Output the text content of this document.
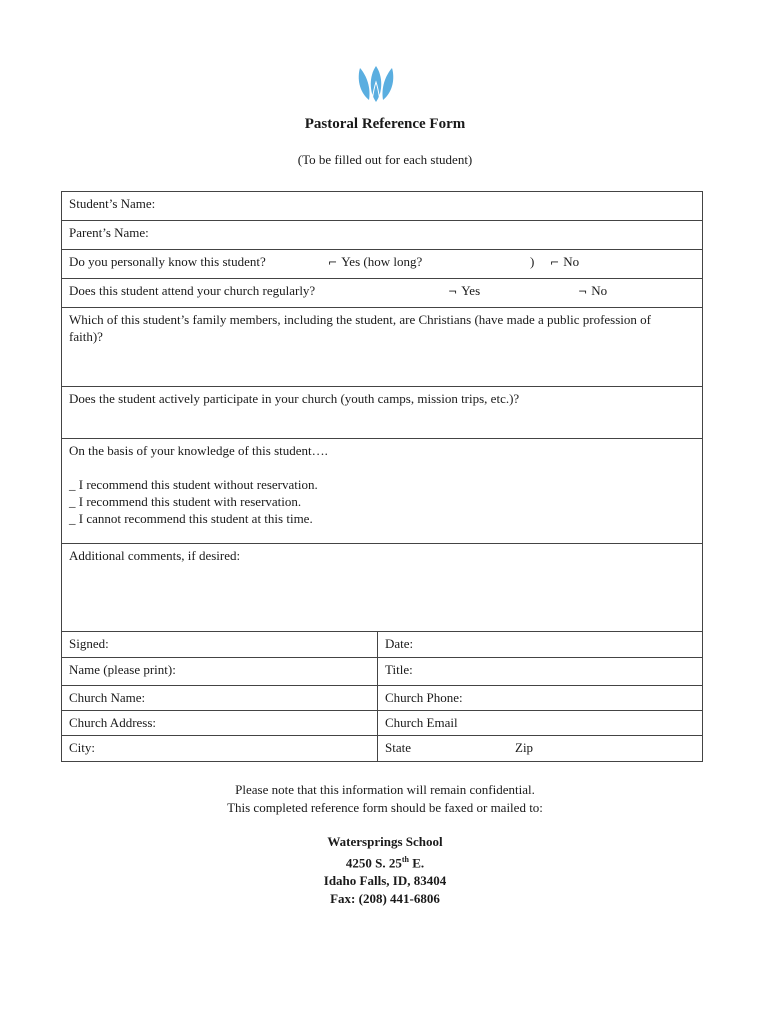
Pastoral Reference Form
(To be filled out for each student)
Student’s Name:
Parent’s Name:
Do you personally know this student?	⌐ Yes (how long?	) ⌐ No
Does this student attend your church regularly?	¬ Yes	¬ No
Which of this student’s family members, including the student, are Christians (have made a public profession of faith)?
Does the student actively participate in your church (youth camps, mission trips, etc.)?
On the basis of your knowledge of this student….
_ I recommend this student without reservation.
_ I recommend this student with reservation.
_ I cannot recommend this student at this time.
Additional comments, if desired:
Signed:	Date:
Name (please print):	Title:
Church Name:	Church Phone:
Church Address:	Church Email
City:	State	Zip
Please note that this information will remain confidential.
This completed reference form should be faxed or mailed to:
Watersprings School
4250 S. 25th E.
Idaho Falls, ID, 83404
Fax: (208) 441-6806
